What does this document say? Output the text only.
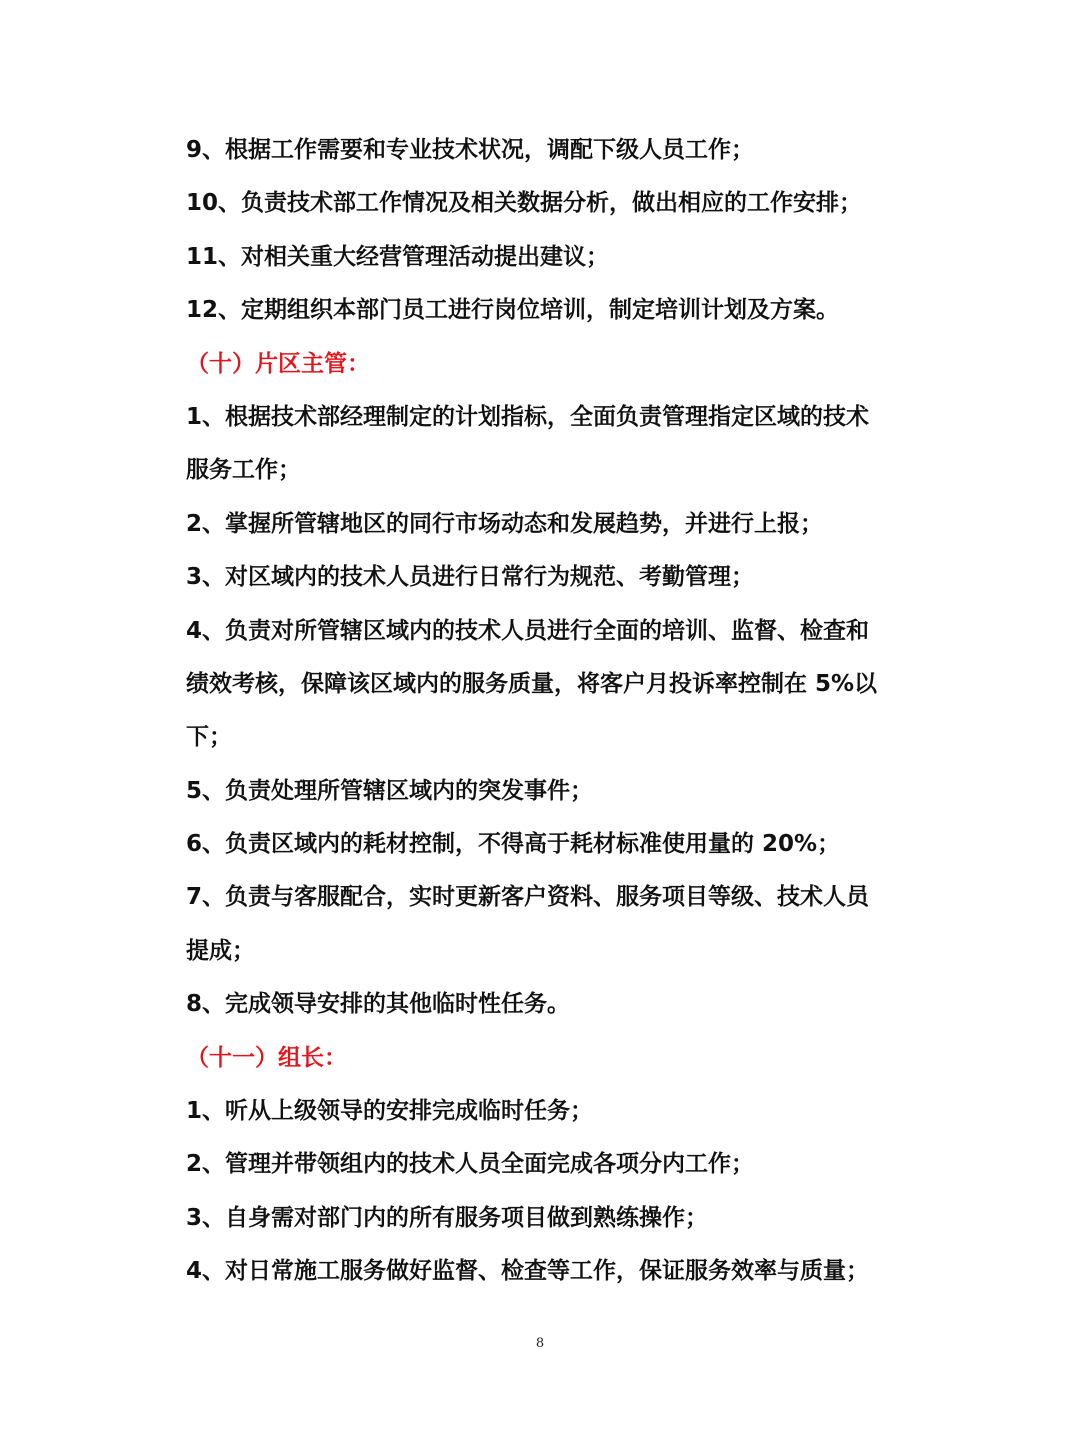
9、根据工作需要和专业技术状况，调配下级人员工作；
10、负责技术部工作情况及相关数据分析，做出相应的工作安排；
11、对相关重大经营管理活动提出建议；
12、定期组织本部门员工进行岗位培训，制定培训计划及方案。
（十）片区主管：
1、根据技术部经理制定的计划指标，全面负责管理指定区域的技术
服务工作；
2、掌握所管辖地区的同行市场动态和发展趋势，并进行上报；
3、对区域内的技术人员进行日常行为规范、考勤管理；
4、负责对所管辖区域内的技术人员进行全面的培训、监督、检查和
绩效考核，保障该区域内的服务质量，将客户月投诉率控制在 5%以
下；
5、负责处理所管辖区域内的突发事件；
6、负责区域内的耗材控制，不得高于耗材标准使用量的 20%；
7、负责与客服配合，实时更新客户资料、服务项目等级、技术人员
提成；
8、完成领导安排的其他临时性任务。
（十一）组长：
1、听从上级领导的安排完成临时任务；
2、管理并带领组内的技术人员全面完成各项分内工作；
3、自身需对部门内的所有服务项目做到熟练操作；
4、对日常施工服务做好监督、检查等工作，保证服务效率与质量；
8
